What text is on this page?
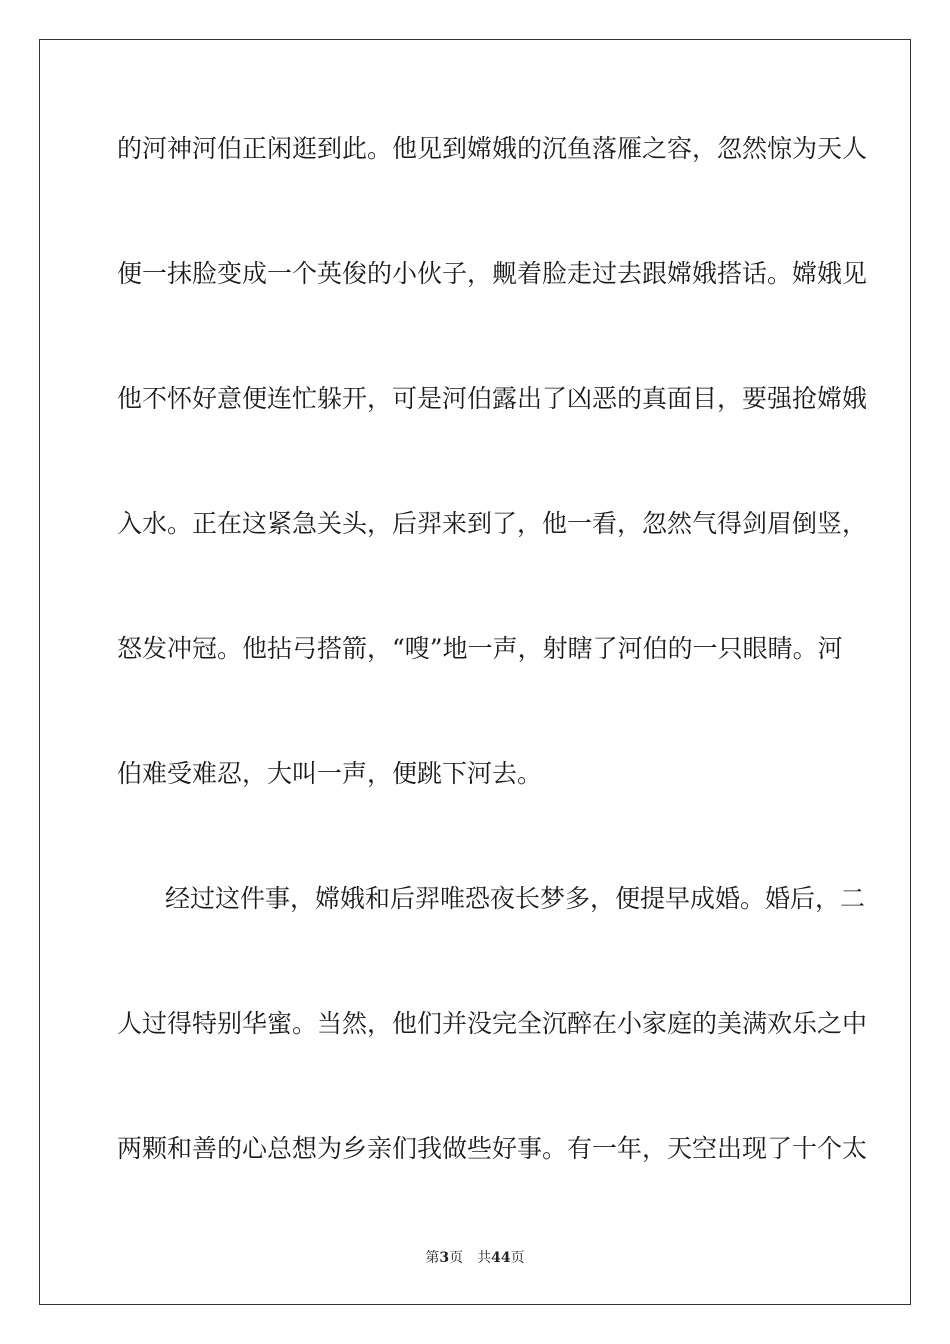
的河神河伯正闲逛到此。他见到嫦娥的沉鱼落雁之容，忽然惊为天人
便一抹脸变成一个英俊的小伙子，觍着脸走过去跟嫦娥搭话。嫦娥见
他不怀好意便连忙躲开，可是河伯露出了凶恶的真面目，要强抢嫦娥
入水。正在这紧急关头，后羿来到了，他一看，忽然气得剑眉倒竖，
怒发冲冠。他拈弓搭箭，“嗖”地一声，射瞎了河伯的一只眼睛。河
伯难受难忍，大叫一声，便跳下河去。
经过这件事，嫦娥和后羿唯恐夜长梦多，便提早成婚。婚后，二
人过得特别华蜜。当然，他们并没完全沉醉在小家庭的美满欢乐之中
两颗和善的心总想为乡亲们我做些好事。有一年，天空出现了十个太
第3页 共44页
